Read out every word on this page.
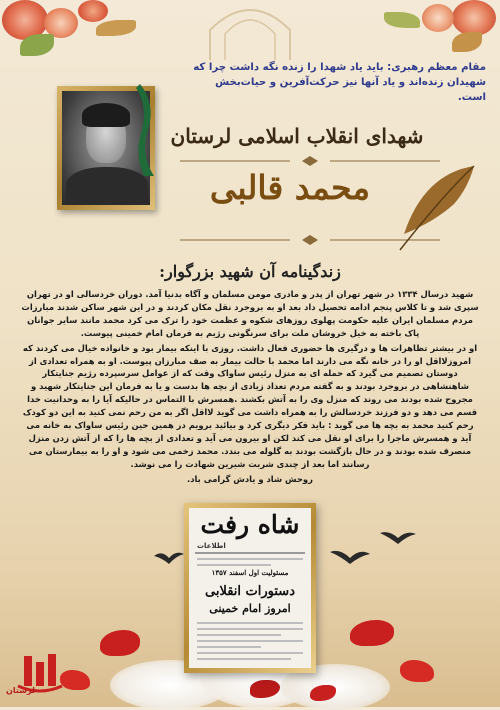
مقام معظم رهبری: باید یاد شهدا را زنده نگه داشت چرا که شهیدان زنده‌اند و یاد آنها نیز حرکت‌آفرین و حیات‌بخش است.
شهدای انقلاب اسلامی لرستان
محمد قالبی
زندگینامه آن شهید بزرگوار:

شهید درسال ۱۳۳۴ در شهر تهران از پدر و مادری مومن مسلمان و آگاه بدنیا آمد. دوران خردسالی او در تهران سپری شد و تا کلاس پنجم ادامه تحصیل داد بعد او به بروجرد نقل مکان کردند و در این شهر ساکن شدند مبارزات مردم مسلمان ایران علیه حکومت پهلوی روزهای شکوه و عظمت خود را ترک می کرد محمد مانند سایر جوانان پاک باخته به خیل خروشان ملت برای سرنگونی رژیم به فرمان امام خمینی پیوست.

او در بیشتر تظاهرات ها و درگیری ها حضوری فعال داشت. روزی با اینکه بیمار بود و خانواده خیال می کردند که امروزلااقل او را در خانه نگه می دارند اما محمد با حالت بیمار به صف مبارزان پیوست. او به همراه تعدادی از دوستان تصمیم می گیرد که حمله ای به منزل رئیس ساواک وقت که از عوامل سرسپرده رژیم جنایتکار شاهنشاهی در بروجرد بودند و به گفته مردم تعداد زیادی از بچه ها بدست و یا به فرمان این جنایتکار شهید و مجروح شده بودند می روند که منزل وی را به آتش بکشند .همسرش با التماس در حالیکه آیا را به وحدانیت خدا قسم می دهد و دو فرزند خردسالش را به همراه داشت می گوید لااقل اگر به من رحم نمی کنید به این دو کودک رحم کنید محمد به بچه ها می گوید : باید فکر دیگری کرد و بیائید برویم در همین حین رئیس ساواک به خانه می آید و همسرش ماجرا را برای او نقل می کند لکن او بیرون می آید و تعدادی از بچه ها را که از آتش زدن منزل منصرف شده بودند و در حال بازگشت بودند به گلوله می بندد. محمد زخمی می شود و او را به بیمارستان می رسانند اما بعد از چندی شربت شیرین شهادت را می نوشد.

روحش شاد و یادش گرامی باد.

شاه رفت
اطلاعات
مسئولیت اول اسفند ۱۳۵۷
دستورات انقلابی
امروز امام خمینی
لرستان
